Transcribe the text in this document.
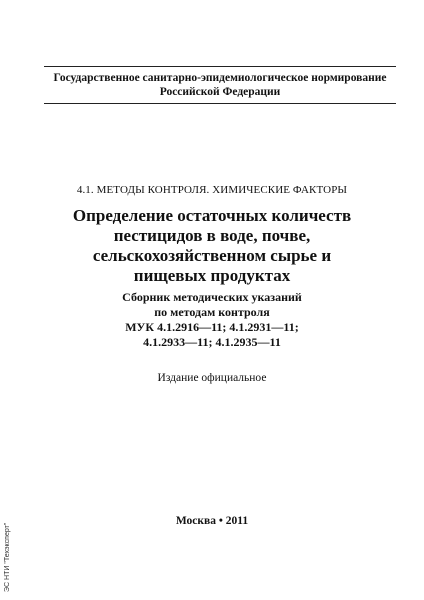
Государственное санитарно-эпидемиологическое нормирование
Российской Федерации
4.1. МЕТОДЫ КОНТРОЛЯ. ХИМИЧЕСКИЕ ФАКТОРЫ
Определение остаточных количеств
пестицидов в воде, почве,
сельскохозяйственном сырье и
пищевых продуктах
Сборник методических указаний
по методам контроля
МУК 4.1.2916—11; 4.1.2931—11;
4.1.2933—11; 4.1.2935—11
Издание официальное
Москва • 2011
ЭС НТИ "Техэксперт"
